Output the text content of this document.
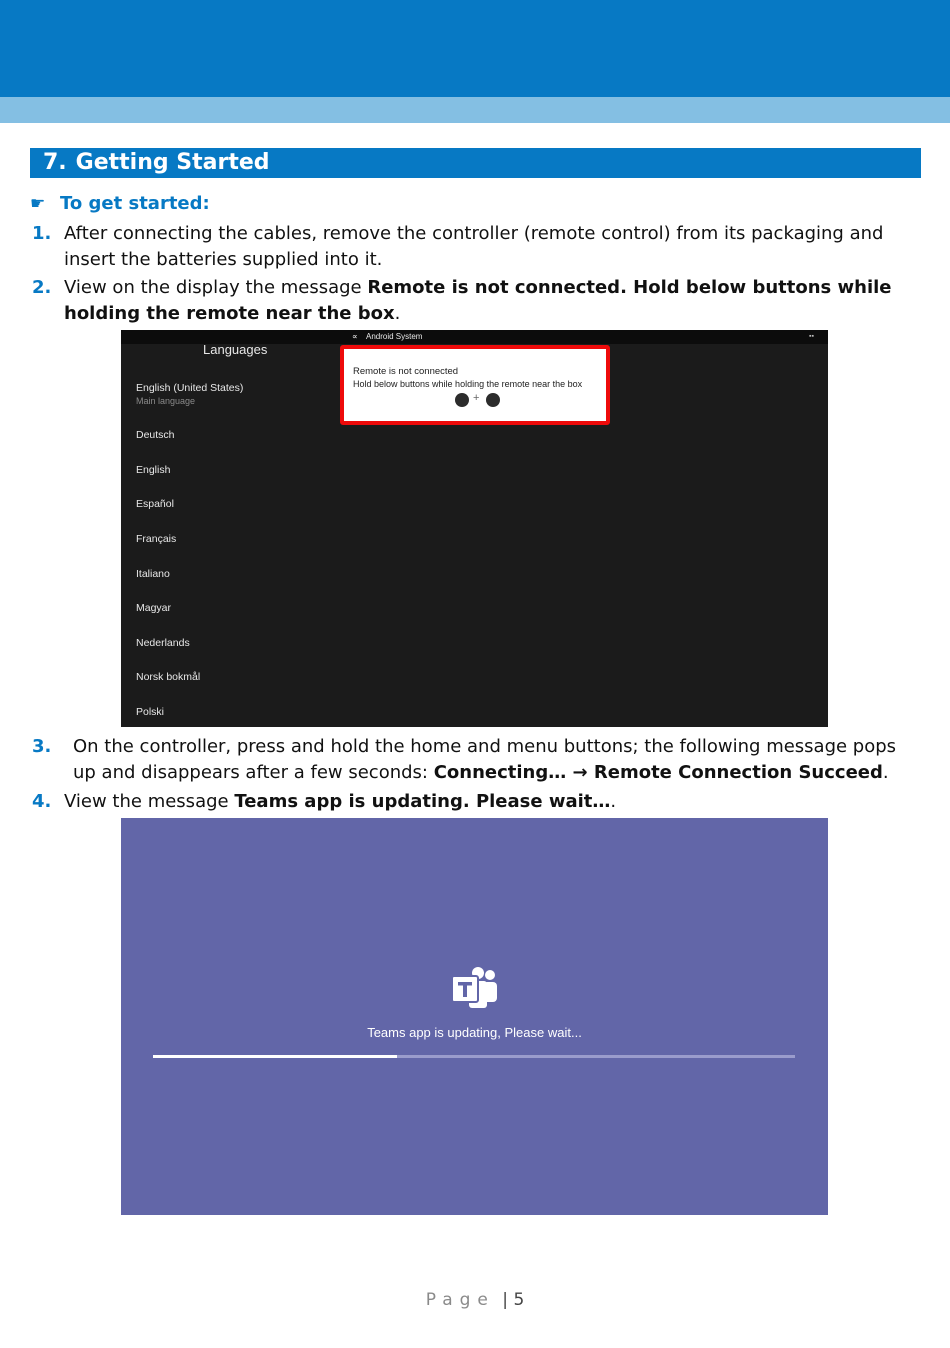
7. Getting Started
☛ To get started:
1. After connecting the cables, remove the controller (remote control) from its packaging and insert the batteries supplied into it.
2. View on the display the message Remote is not connected. Hold below buttons while holding the remote near the box.
∝	Android System	▪▪
Languages
English (United States)
Main language
Deutsch
English
Español
Français
Italiano
Magyar
Nederlands
Norsk bokmål
Polski
Remote is not connected
Hold below buttons while holding the remote near the box
+
3. On the controller, press and hold the home and menu buttons; the following message pops up and disappears after a few seconds: Connecting… → Remote Connection Succeed.
4. View the message Teams app is updating. Please wait….
Teams app is updating, Please wait...
Page | 5
